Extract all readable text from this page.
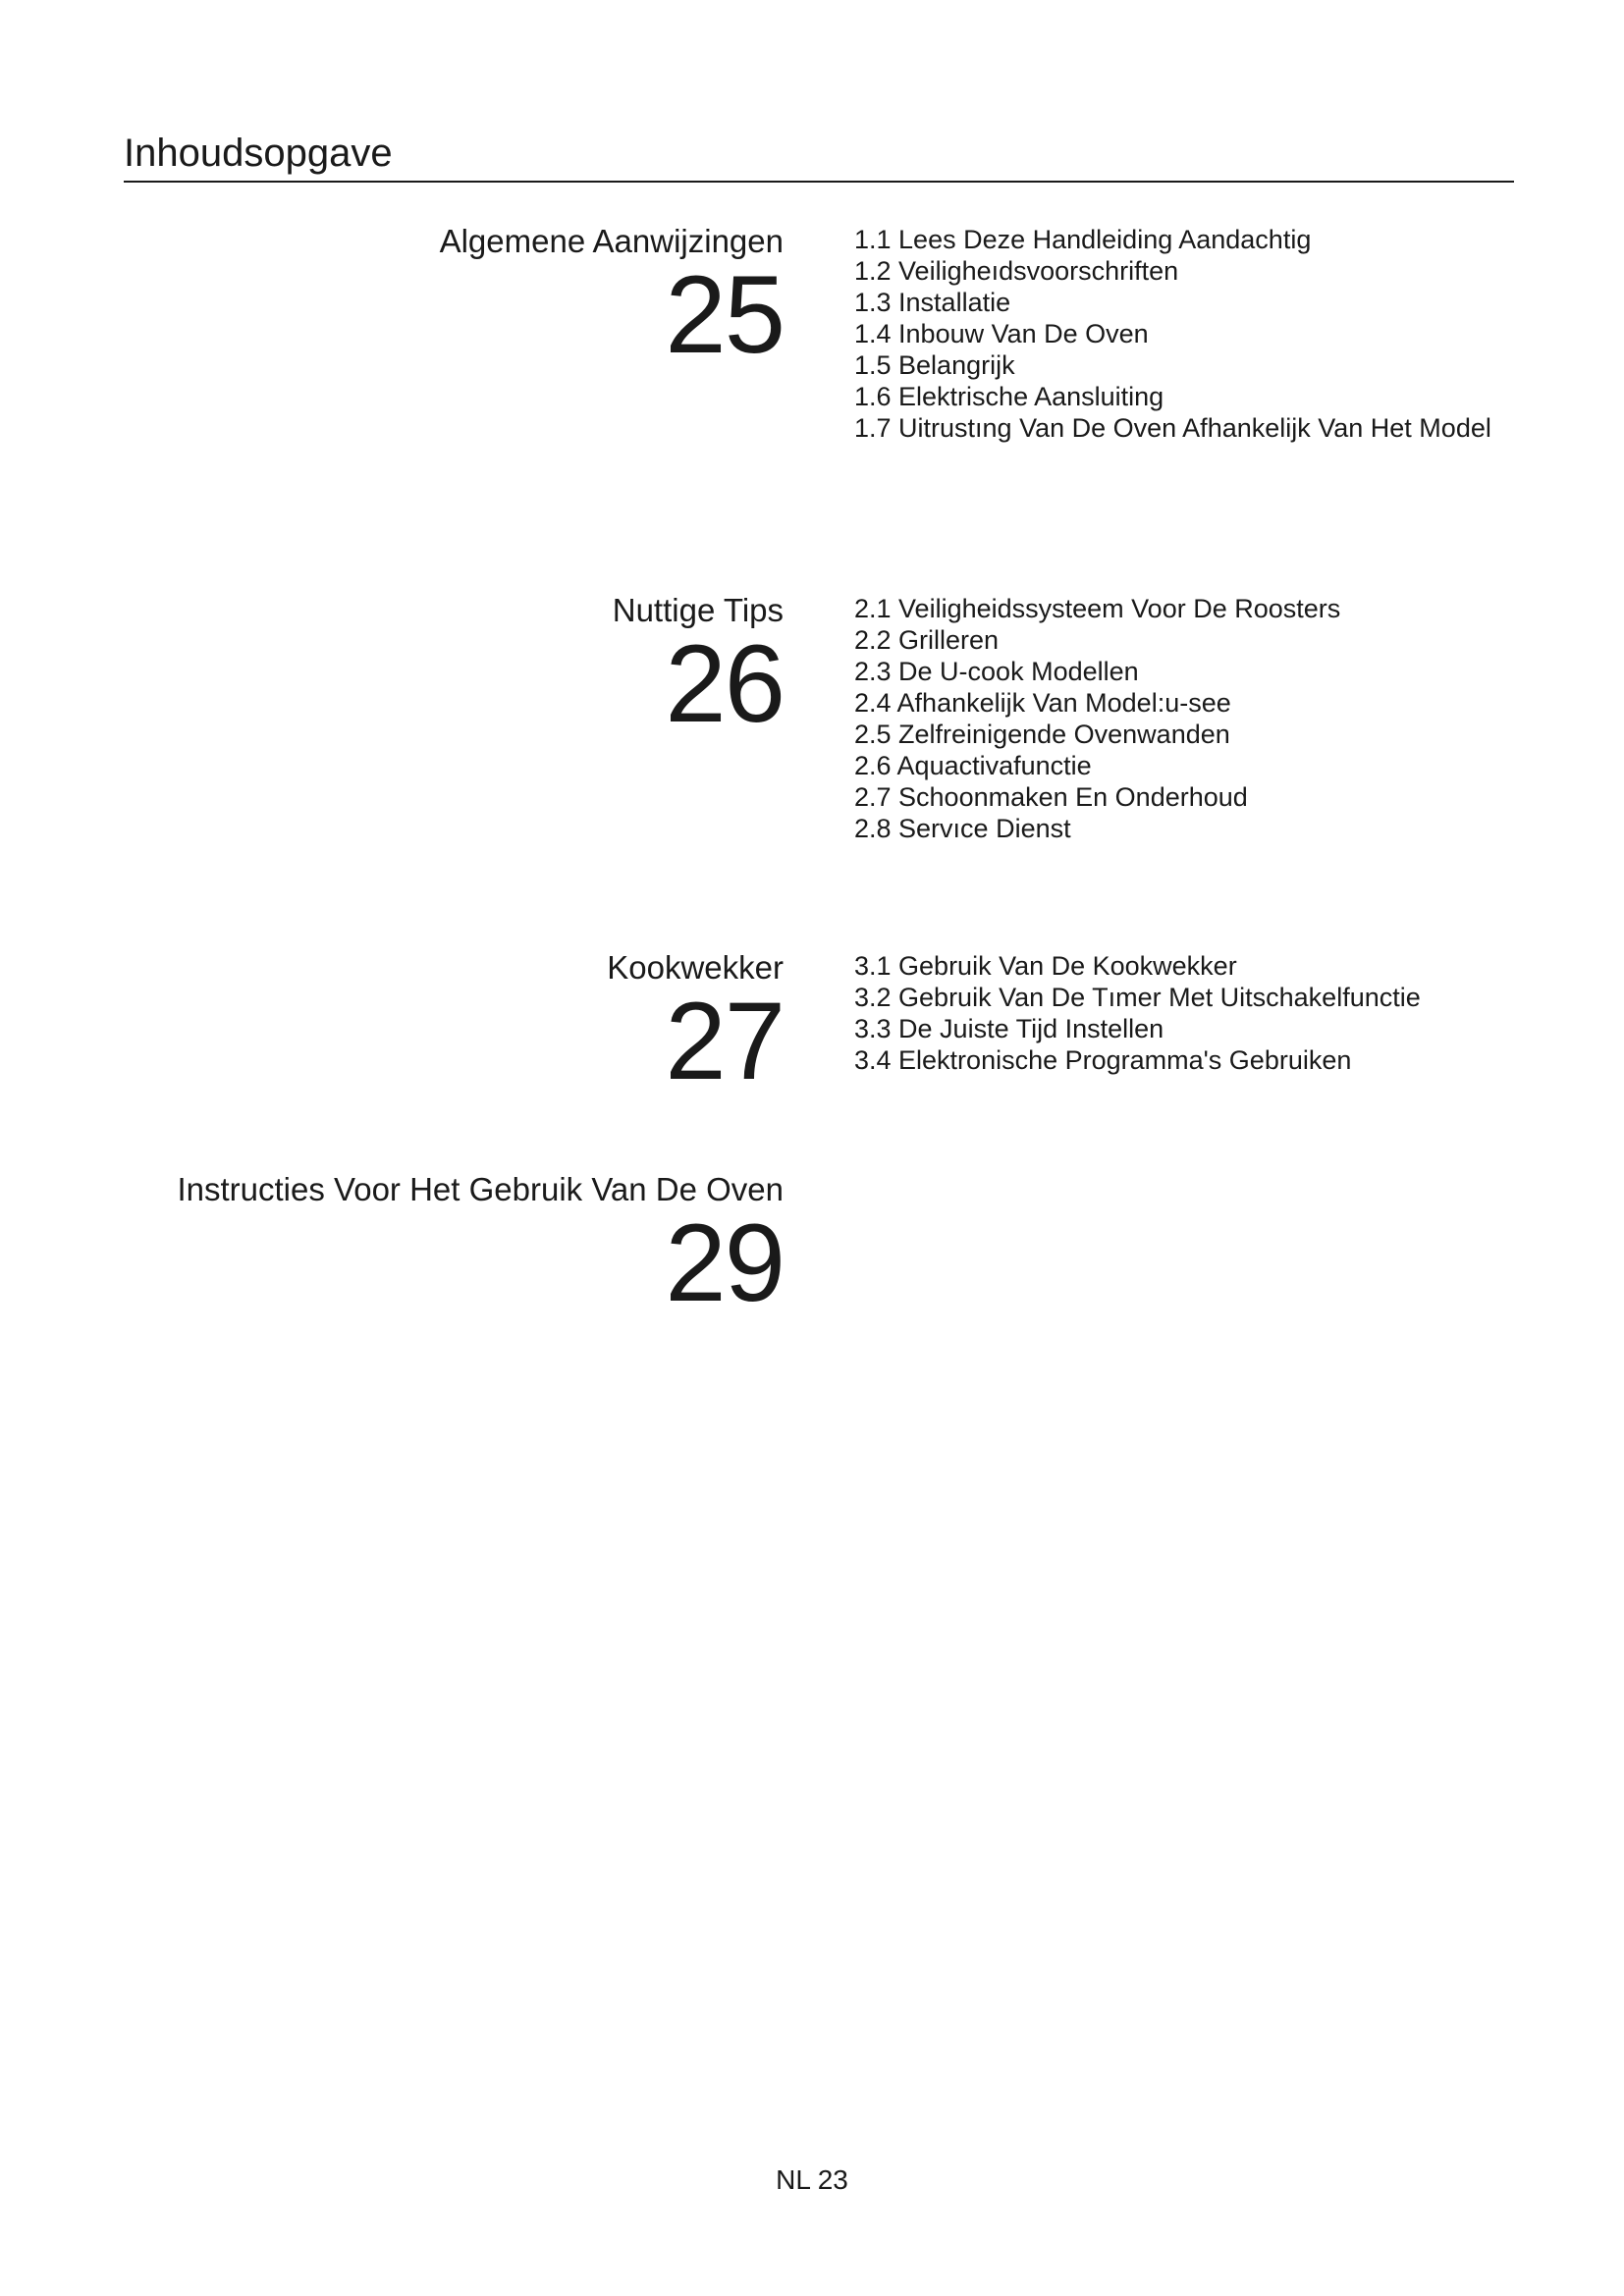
Inhoudsopgave
Algemene Aanwijzingen
25
1.1 Lees Deze Handleiding Aandachtig
1.2 Veiligheıdsvoorschriften
1.3 Installatie
1.4 Inbouw Van De Oven
1.5 Belangrijk
1.6 Elektrische Aansluiting
1.7 Uitrustıng Van De Oven Afhankelijk Van Het Model
Nuttige Tips
26
2.1 Veiligheidssysteem Voor De Roosters
2.2 Grilleren
2.3 De U-cook Modellen
2.4 Afhankelijk Van Model:u-see
2.5 Zelfreinigende Ovenwanden
2.6 Aquactivafunctie
2.7 Schoonmaken En Onderhoud
2.8 Servıce Dienst
Kookwekker
27
3.1 Gebruik Van De Kookwekker
3.2 Gebruik Van De Tımer Met Uitschakelfunctie
3.3 De Juiste Tijd Instellen
3.4 Elektronische Programma's Gebruiken
Instructies Voor Het Gebruik Van De Oven
29
NL 23
